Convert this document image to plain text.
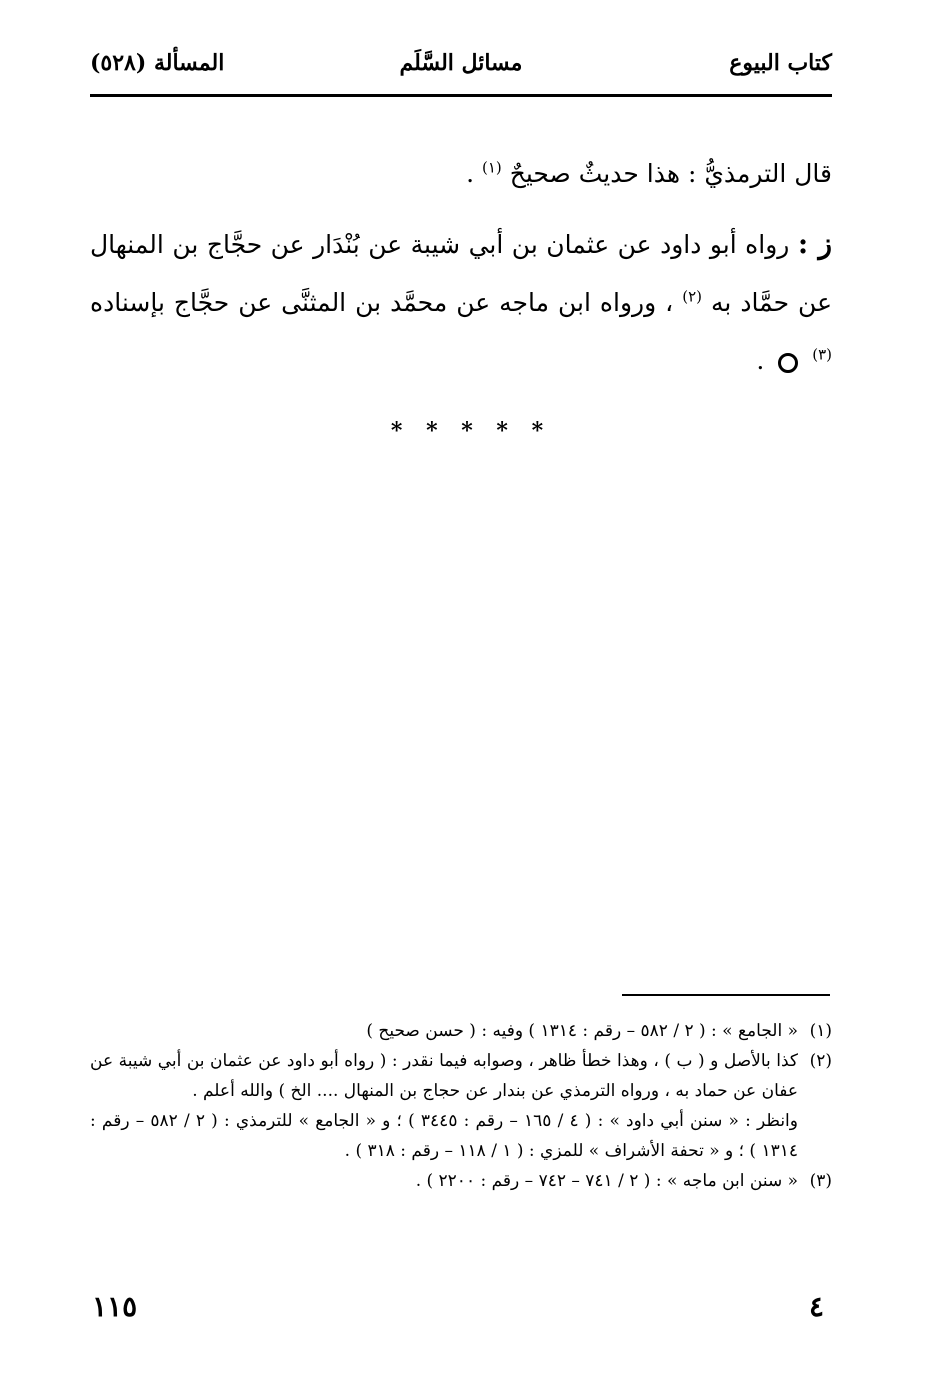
كتاب البيوع
مسائل السَّلَم
المسألة (٥٢٨)

قال الترمذيُّ : هذا حديثٌ صحيحٌ $^{(١)}$ .

ز : رواه أبو داود عن عثمان بن أبي شيبة عن بُنْدَار عن حجَّاج بن المنهال عن حمَّاد به $^{(٢)}$ ، ورواه ابن ماجه عن محمَّد بن المثنَّى عن حجَّاج بإسناده $^{(٣)}$  .

* * * * *
(١)

« الجامع » : ( ٢ / ٥٨٢ – رقم : ١٣١٤ ) وفيه : ( حسن صحيح )

(٢)

كذا بالأصل و ( ب ) ، وهذا خطأ ظاهر ، وصوابه فيما نقدر : ( رواه أبو داود عن عثمان بن أبي شيبة عن عفان عن حماد به ، ورواه الترمذي عن بندار عن حجاج بن المنهال .... الخ ) والله أعلم .

وانظر : « سنن أبي داود » : ( ٤ / ١٦٥ – رقم : ٣٤٤٥ ) ؛ و « الجامع » للترمذي : ( ٢ / ٥٨٢ – رقم : ١٣١٤ ) ؛ و « تحفة الأشراف » للمزي : ( ١ / ١١٨ – رقم : ٣١٨ ) .

(٣)

« سنن ابن ماجه » : ( ٢ / ٧٤١ – ٧٤٢ – رقم : ٢٢٠٠ ) .

٤
١١٥
